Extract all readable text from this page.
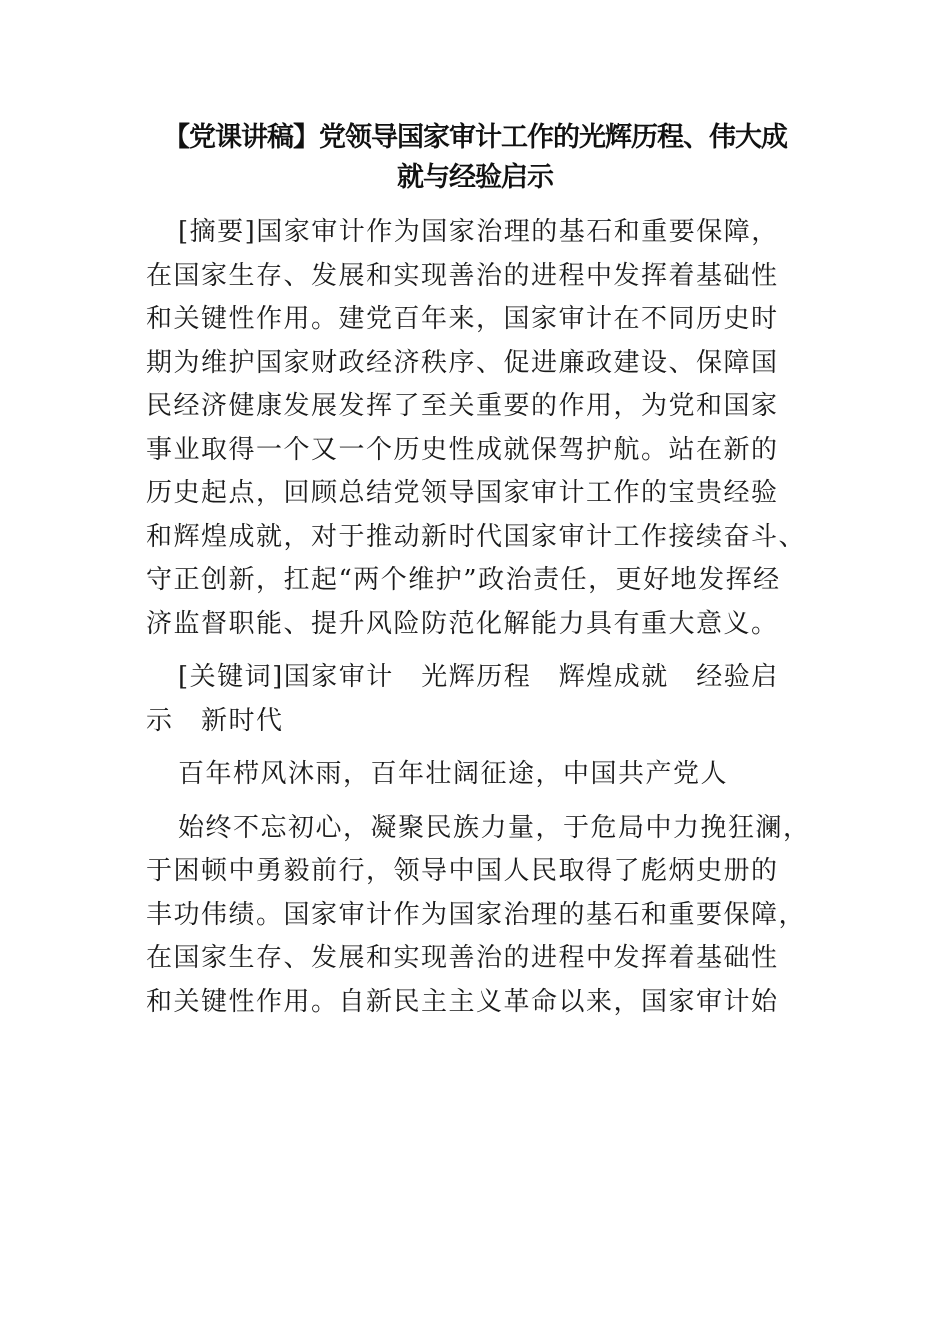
【党课讲稿】党领导国家审计工作的光辉历程、伟大成
就与经验启示
[摘要]国家审计作为国家治理的基石和重要保障，
在国家生存、发展和实现善治的进程中发挥着基础性
和关键性作用。建党百年来，国家审计在不同历史时
期为维护国家财政经济秩序、促进廉政建设、保障国
民经济健康发展发挥了至关重要的作用，为党和国家
事业取得一个又一个历史性成就保驾护航。站在新的
历史起点，回顾总结党领导国家审计工作的宝贵经验
和辉煌成就，对于推动新时代国家审计工作接续奋斗、
守正创新，扛起“两个维护”政治责任，更好地发挥经
济监督职能、提升风险防范化解能力具有重大意义。
[关键词]国家审计　光辉历程　辉煌成就　经验启
示　新时代
百年栉风沐雨，百年壮阔征途，中国共产党人
始终不忘初心，凝聚民族力量，于危局中力挽狂澜，
于困顿中勇毅前行，领导中国人民取得了彪炳史册的
丰功伟绩。国家审计作为国家治理的基石和重要保障，
在国家生存、发展和实现善治的进程中发挥着基础性
和关键性作用。自新民主主义革命以来，国家审计始
